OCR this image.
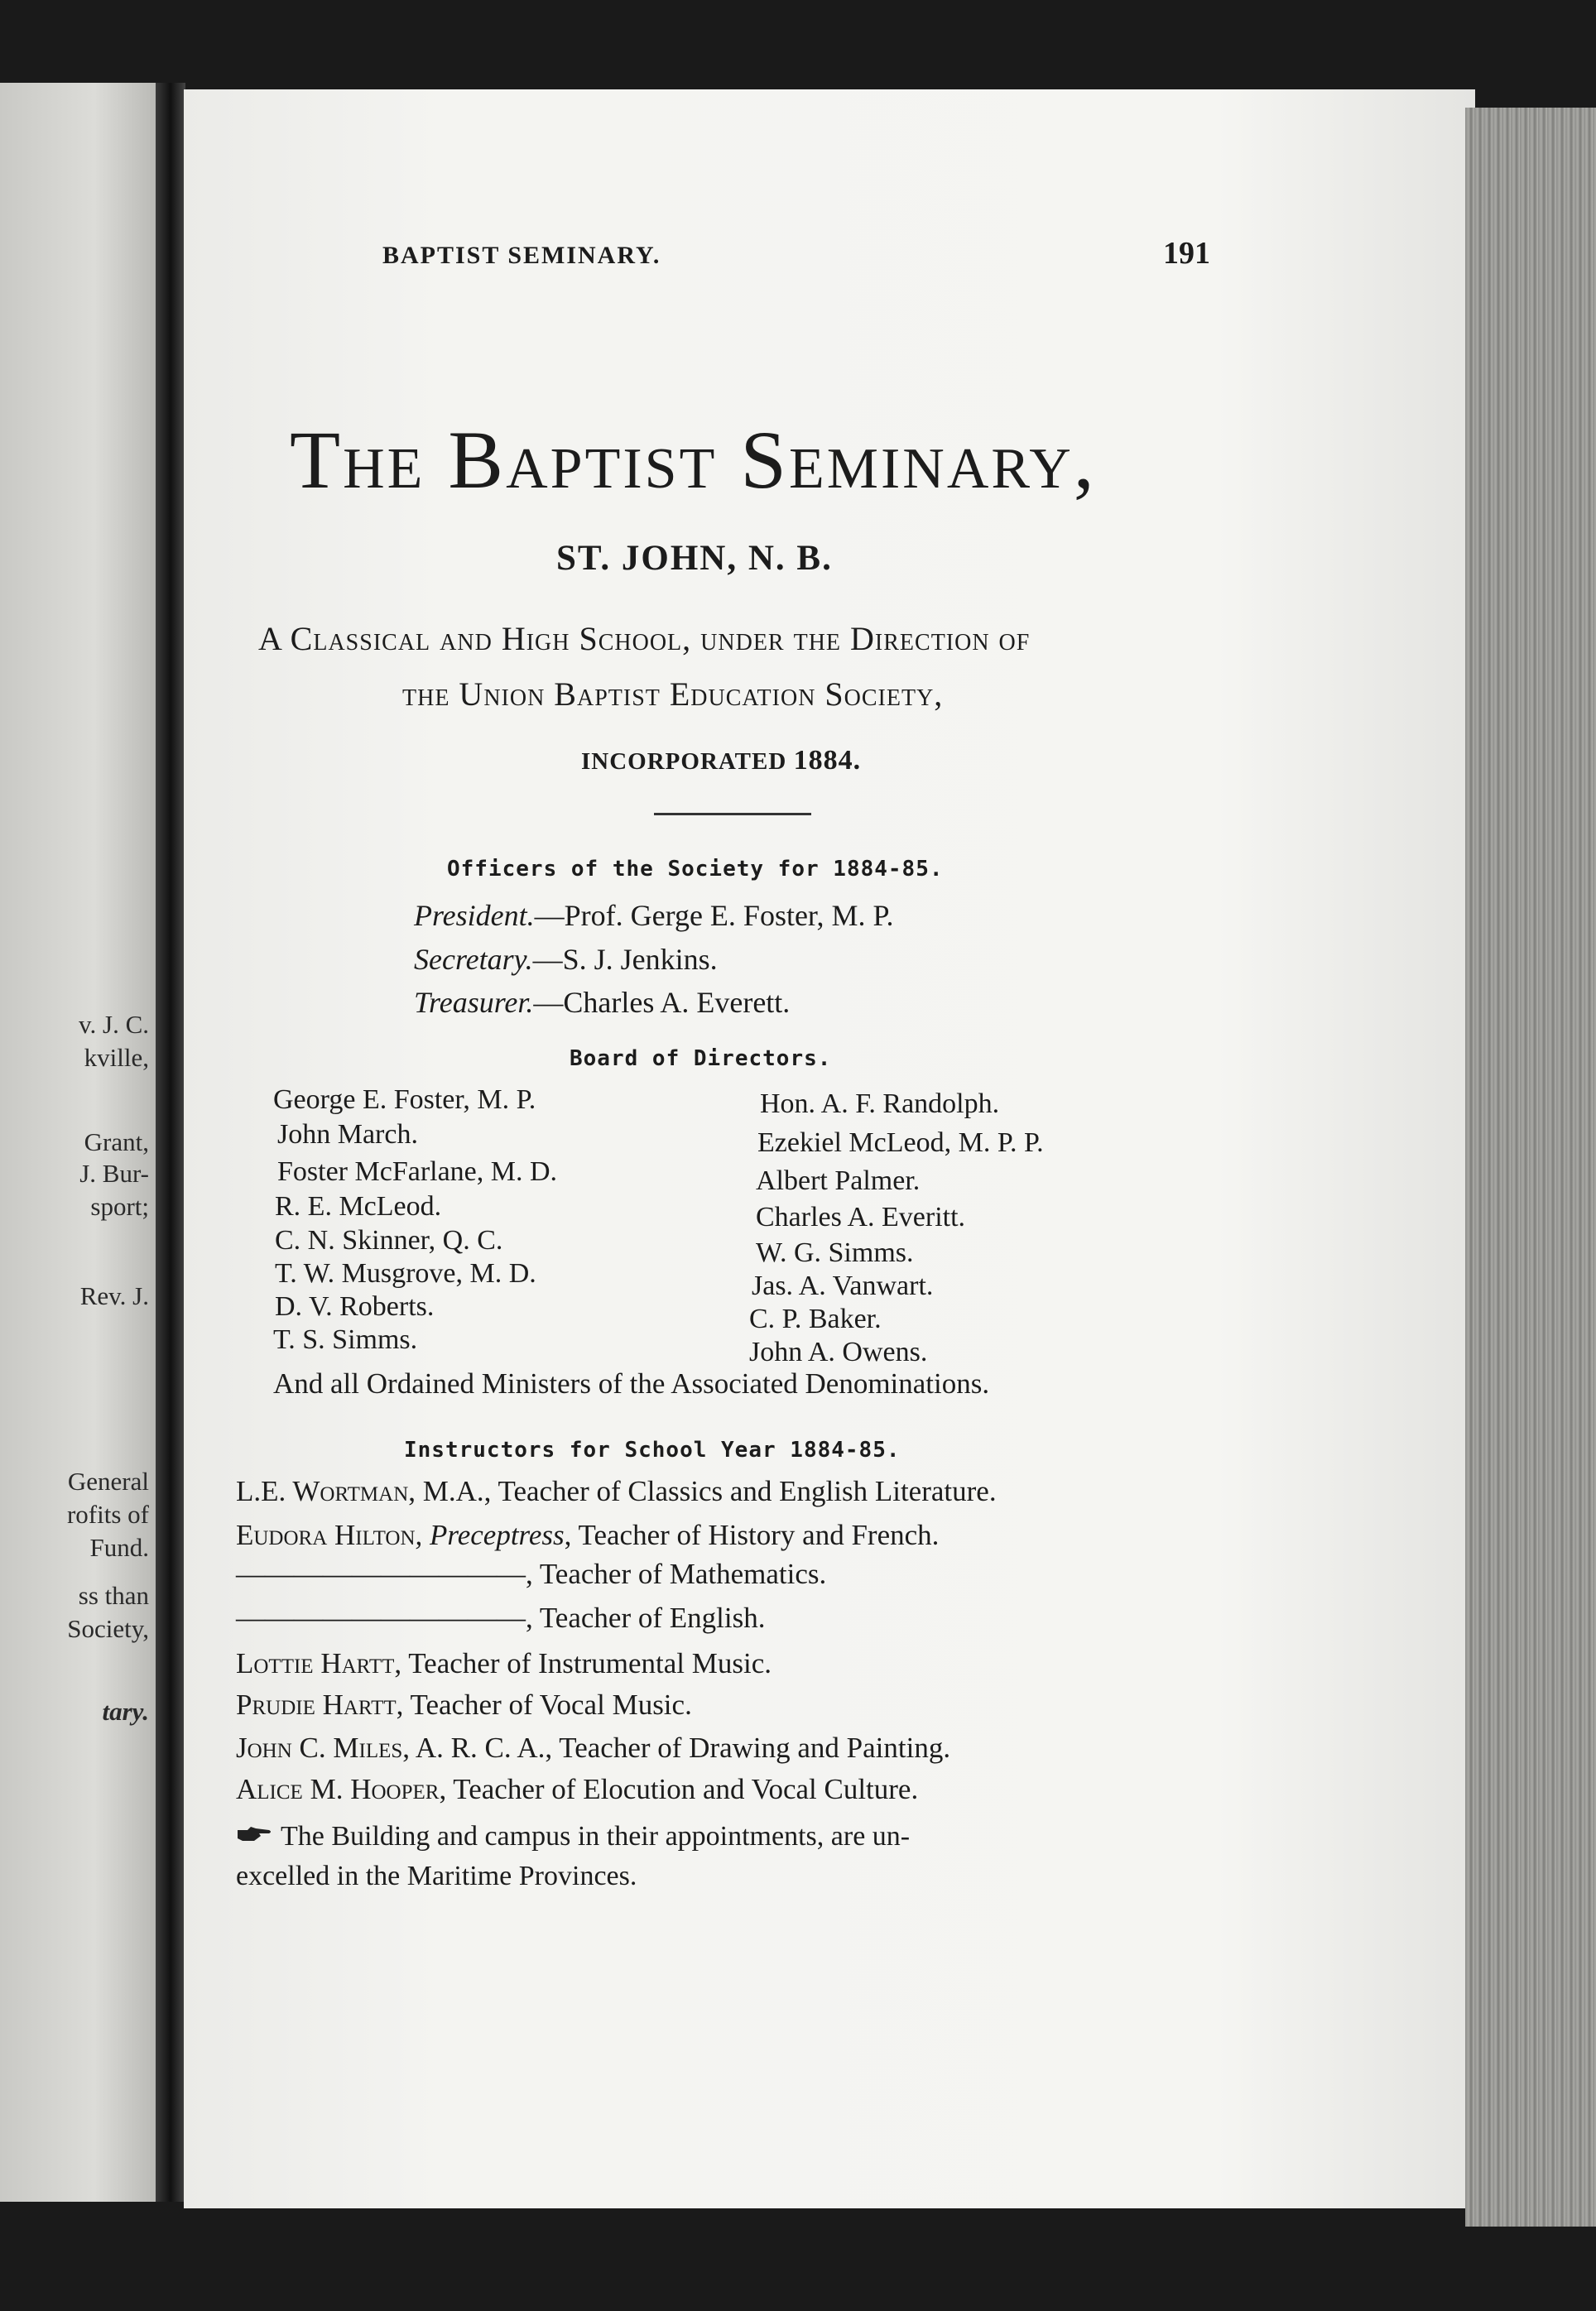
v. J. C.
kville,
Grant,
J. Bur-
sport;
Rev. J.
General
rofits of
Fund.
ss than
Society,
tary.
BAPTIST SEMINARY.	191
The Baptist Seminary,
ST. JOHN, N. B.
A Classical and High School, under the Direction of
the Union Baptist Education Society,
INCORPORATED 1884.
Officers of the Society for 1884-85.
President.—Prof. Gerge E. Foster, M. P.
Secretary.—S. J. Jenkins.
Treasurer.—Charles A. Everett.
Board of Directors.
George E. Foster, M. P.
John March.
Foster McFarlane, M. D.
R. E. McLeod.
C. N. Skinner, Q. C.
T. W. Musgrove, M. D.
D. V. Roberts.
T. S. Simms.
Hon. A. F. Randolph.
Ezekiel McLeod, M. P. P.
Albert Palmer.
Charles A. Everitt.
W. G. Simms.
Jas. A. Vanwart.
C. P. Baker.
John A. Owens.
And all Ordained Ministers of the Associated Denominations.
Instructors for School Year 1884-85.
L.E. Wortman, M.A., Teacher of Classics and English Literature.
Eudora Hilton, Preceptress, Teacher of History and French.
——————————, Teacher of Mathematics.
——————————, Teacher of English.
Lottie Hartt, Teacher of Instrumental Music.
Prudie Hartt, Teacher of Vocal Music.
John C. Miles, A. R. C. A., Teacher of Drawing and Painting.
Alice M. Hooper, Teacher of Elocution and Vocal Culture.
The Building and campus in their appointments, are un-
excelled in the Maritime Provinces.
